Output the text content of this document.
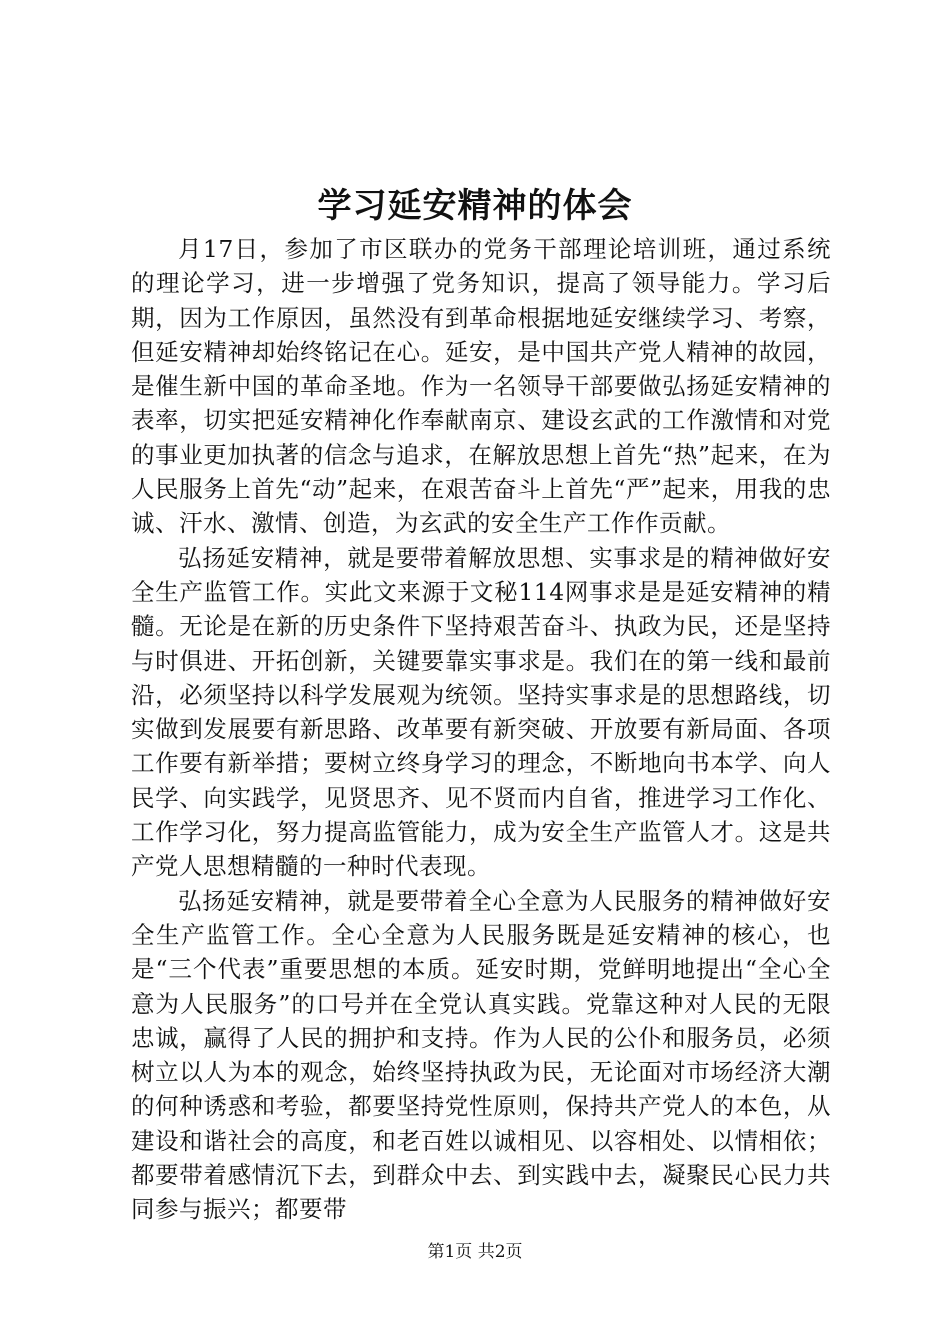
学习延安精神的体会

月17日，参加了市区联办的党务干部理论培训班，通过系统的理论学习，进一步增强了党务知识，提高了领导能力。学习后期，因为工作原因，虽然没有到革命根据地延安继续学习、考察，但延安精神却始终铭记在心。延安，是中国共产党人精神的故园，是催生新中国的革命圣地。作为一名领导干部要做弘扬延安精神的表率，切实把延安精神化作奉献南京、建设玄武的工作激情和对党的事业更加执著的信念与追求，在解放思想上首先“热”起来，在为人民服务上首先“动”起来，在艰苦奋斗上首先“严”起来，用我的忠诚、汗水、激情、创造，为玄武的安全生产工作作贡献。

弘扬延安精神，就是要带着解放思想、实事求是的精神做好安全生产监管工作。实此文来源于文秘114网事求是是延安精神的精髓。无论是在新的历史条件下坚持艰苦奋斗、执政为民，还是坚持与时俱进、开拓创新，关键要靠实事求是。我们在的第一线和最前沿，必须坚持以科学发展观为统领。坚持实事求是的思想路线，切实做到发展要有新思路、改革要有新突破、开放要有新局面、各项工作要有新举措；要树立终身学习的理念，不断地向书本学、向人民学、向实践学，见贤思齐、见不贤而内自省，推进学习工作化、工作学习化，努力提高监管能力，成为安全生产监管人才。这是共产党人思想精髓的一种时代表现。

弘扬延安精神，就是要带着全心全意为人民服务的精神做好安全生产监管工作。全心全意为人民服务既是延安精神的核心，也是“三个代表”重要思想的本质。延安时期，党鲜明地提出“全心全意为人民服务”的口号并在全党认真实践。党靠这种对人民的无限忠诚，赢得了人民的拥护和支持。作为人民的公仆和服务员，必须树立以人为本的观念，始终坚持执政为民，无论面对市场经济大潮的何种诱惑和考验，都要坚持党性原则，保持共产党人的本色，从建设和谐社会的高度，和老百姓以诚相见、以容相处、以情相依；都要带着感情沉下去，到群众中去、到实践中去，凝聚民心民力共同参与振兴；都要带

第1页 共2页
